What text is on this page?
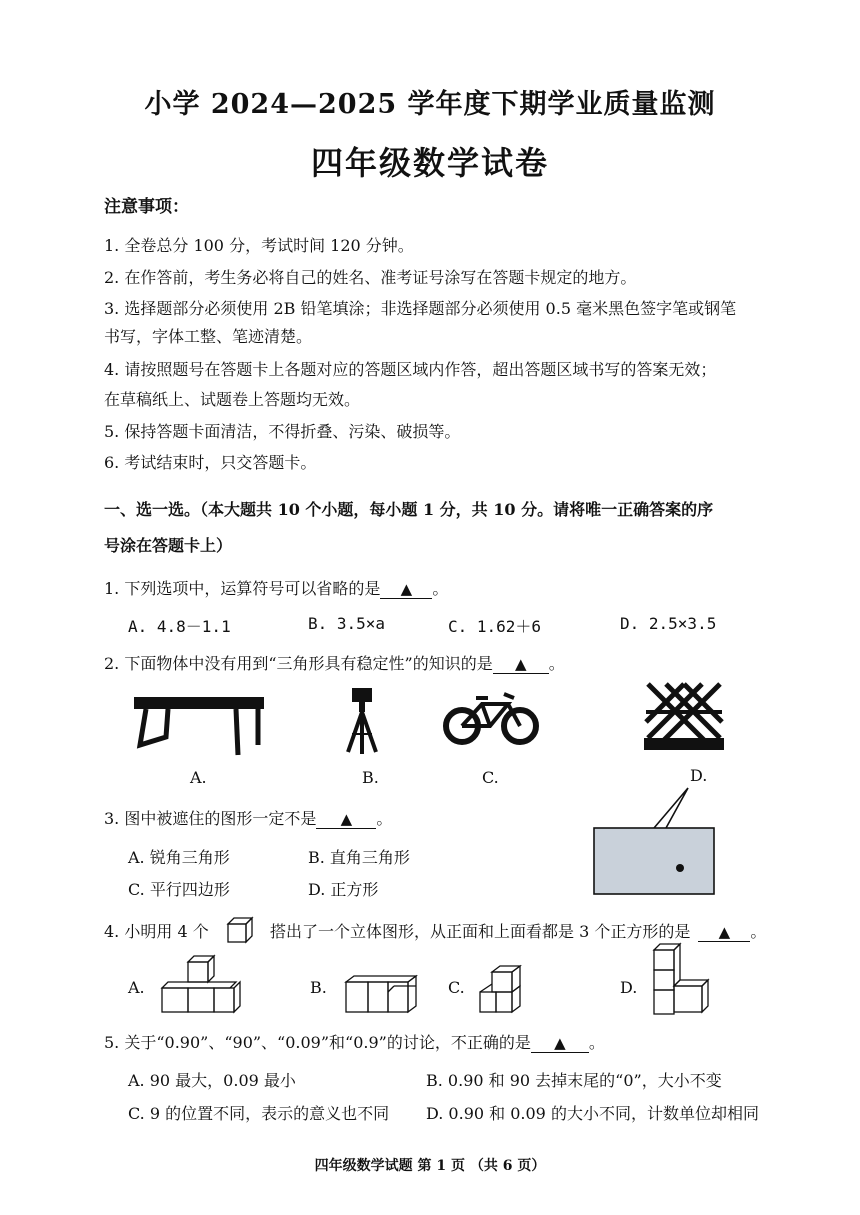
小学 2024—2025 学年度下期学业质量监测
四年级数学试卷
注意事项：
1. 全卷总分 100 分，考试时间 120 分钟。
2. 在作答前，考生务必将自己的姓名、准考证号涂写在答题卡规定的地方。
3. 选择题部分必须使用 2B 铅笔填涂；非选择题部分必须使用 0.5 毫米黑色签字笔或钢笔
书写，字体工整、笔迹清楚。
4. 请按照题号在答题卡上各题对应的答题区域内作答，超出答题区域书写的答案无效；
在草稿纸上、试题卷上答题均无效。
5. 保持答题卡面清洁，不得折叠、污染、破损等。
6. 考试结束时，只交答题卡。
一、选一选。（本大题共 10 个小题，每小题 1 分，共 10 分。请将唯一正确答案的序
号涂在答题卡上）
1. 下列选项中，运算符号可以省略的是 ▲ 。
A. 4.8－1.1	B. 3.5×a	C. 1.62＋6	D. 2.5×3.5
2. 下面物体中没有用到“三角形具有稳定性”的知识的是 ▲ 。
A.	B.	C.	D.
3. 图中被遮住的图形一定不是 ▲ 。
A. 锐角三角形	B. 直角三角形
C. 平行四边形	D. 正方形
4. 小明用 4 个	搭出了一个立体图形，从正面和上面看都是 3 个正方形的是 ▲ 。
A.	B.	C.	D.
5. 关于“0.90”、“90”、“0.09”和“0.9”的讨论，不正确的是 ▲ 。
A. 90 最大，0.09 最小	B. 0.90 和 90 去掉末尾的“0”，大小不变
C. 9 的位置不同，表示的意义也不同 D. 0.90 和 0.09 的大小不同，计数单位却相同
四年级数学试题 第 1 页 （共 6 页）
